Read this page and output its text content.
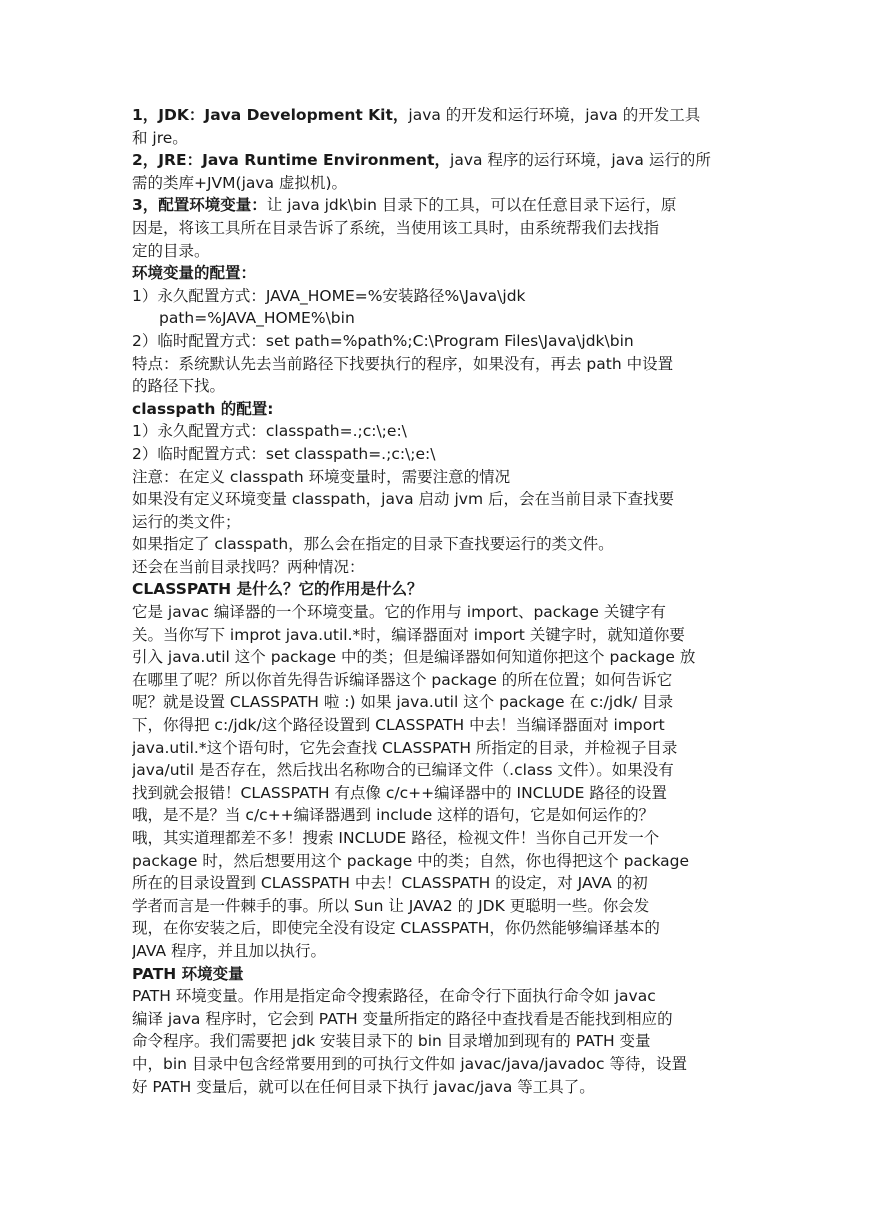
1，JDK：Java Development Kit，java 的开发和运行环境，java 的开发工具
和 jre。
2，JRE：Java Runtime Environment，java 程序的运行环境，java 运行的所
需的类库+JVM(java 虚拟机)。
3，配置环境变量：让 java jdk\bin 目录下的工具，可以在任意目录下运行，原
因是，将该工具所在目录告诉了系统，当使用该工具时，由系统帮我们去找指
定的目录。
环境变量的配置：
1）永久配置方式：JAVA_HOME=%安装路径%\Java\jdk
path=%JAVA_HOME%\bin
2）临时配置方式：set path=%path%;C:\Program Files\Java\jdk\bin
特点：系统默认先去当前路径下找要执行的程序，如果没有，再去 path 中设置
的路径下找。
classpath 的配置:
1）永久配置方式：classpath=.;c:\;e:\
2）临时配置方式：set classpath=.;c:\;e:\
注意：在定义 classpath 环境变量时，需要注意的情况
如果没有定义环境变量 classpath，java 启动 jvm 后，会在当前目录下查找要
运行的类文件；
如果指定了 classpath，那么会在指定的目录下查找要运行的类文件。
还会在当前目录找吗？两种情况：
CLASSPATH 是什么？它的作用是什么？
它是 javac 编译器的一个环境变量。它的作用与 import、package 关键字有
关。当你写下 improt java.util.*时，编译器面对 import 关键字时，就知道你要
引入 java.util 这个 package 中的类；但是编译器如何知道你把这个 package 放
在哪里了呢？所以你首先得告诉编译器这个 package 的所在位置；如何告诉它
呢？就是设置 CLASSPATH 啦 :) 如果 java.util 这个 package 在 c:/jdk/ 目录
下，你得把 c:/jdk/这个路径设置到 CLASSPATH 中去！当编译器面对 import
java.util.*这个语句时，它先会查找 CLASSPATH 所指定的目录，并检视子目录
java/util 是否存在，然后找出名称吻合的已编译文件（.class 文件）。如果没有
找到就会报错！CLASSPATH 有点像 c/c++编译器中的 INCLUDE 路径的设置
哦，是不是？当 c/c++编译器遇到 include 这样的语句，它是如何运作的？
哦，其实道理都差不多！搜索 INCLUDE 路径，检视文件！当你自己开发一个
package 时，然后想要用这个 package 中的类；自然，你也得把这个 package
所在的目录设置到 CLASSPATH 中去！CLASSPATH 的设定，对 JAVA 的初
学者而言是一件棘手的事。所以 Sun 让 JAVA2 的 JDK 更聪明一些。你会发
现，在你安装之后，即使完全没有设定 CLASSPATH，你仍然能够编译基本的
JAVA 程序，并且加以执行。
PATH 环境变量
PATH 环境变量。作用是指定命令搜索路径，在命令行下面执行命令如 javac
编译 java 程序时，它会到 PATH 变量所指定的路径中查找看是否能找到相应的
命令程序。我们需要把 jdk 安装目录下的 bin 目录增加到现有的 PATH 变量
中，bin 目录中包含经常要用到的可执行文件如 javac/java/javadoc 等待，设置
好 PATH 变量后，就可以在任何目录下执行 javac/java 等工具了。
